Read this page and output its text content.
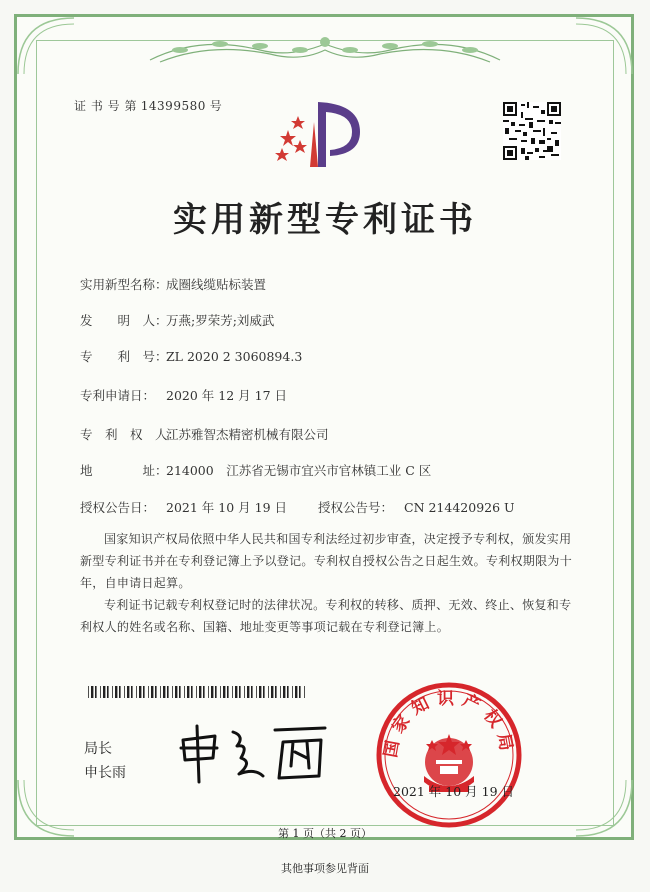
证 书 号 第 14399580 号
实用新型专利证书
实用新型名称：成圈线缆贴标装置
发　　明　人：万燕;罗荣芳;刘威武
专　　利　号：ZL 2020 2 3060894.3
专利申请日： 2020 年 12 月 17 日
专　利　权　人：江苏雅智杰精密机械有限公司
地　　　　址：214000　江苏省无锡市宜兴市官林镇工业 C 区
授权公告日： 2021 年 10 月 19 日 授权公告号： CN 214420926 U
国家知识产权局依照中华人民共和国专利法经过初步审查，决定授予专利权，颁发实用新型专利证书并在专利登记簿上予以登记。专利权自授权公告之日起生效。专利权期限为十年，自申请日起算。
专利证书记载专利权登记时的法律状况。专利权的转移、质押、无效、终止、恢复和专利权人的姓名或名称、国籍、地址变更等事项记载在专利登记簿上。
局长
申长雨
国家知识产权局
2021 年 10 月 19 日
第 1 页（共 2 页）
其他事项参见背面
